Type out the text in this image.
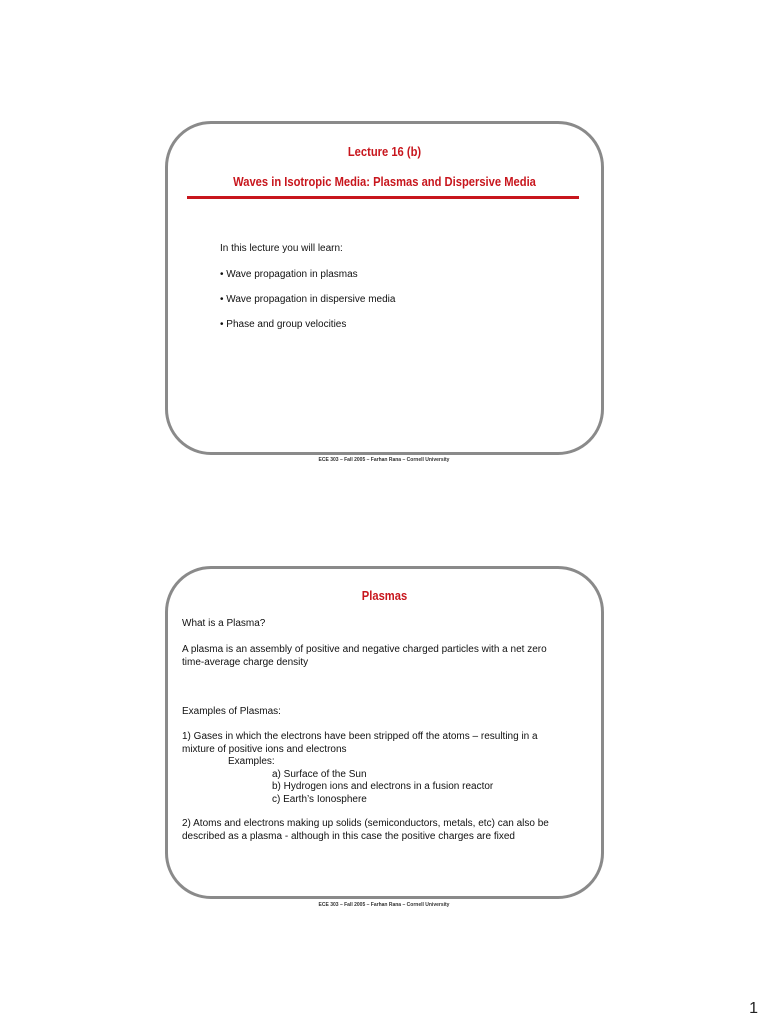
Lecture 16 (b)
Waves in Isotropic Media: Plasmas and Dispersive Media
In this lecture you will learn:
• Wave propagation in plasmas
• Wave propagation in dispersive media
• Phase and group velocities
ECE 303 – Fall 2005 – Farhan Rana – Cornell University
Plasmas
What is a Plasma?
A plasma is an assembly of positive and negative charged particles with a net zero
time-average charge density
Examples of Plasmas:
1) Gases in which the electrons have been stripped off the atoms – resulting in a
mixture of positive ions and electrons
Examples:
a) Surface of the Sun
b) Hydrogen ions and electrons in a fusion reactor
c) Earth’s Ionosphere
2) Atoms and electrons making up solids (semiconductors, metals, etc) can also be
described as a plasma - although in this case the positive charges are fixed
ECE 303 – Fall 2005 – Farhan Rana – Cornell University
1
